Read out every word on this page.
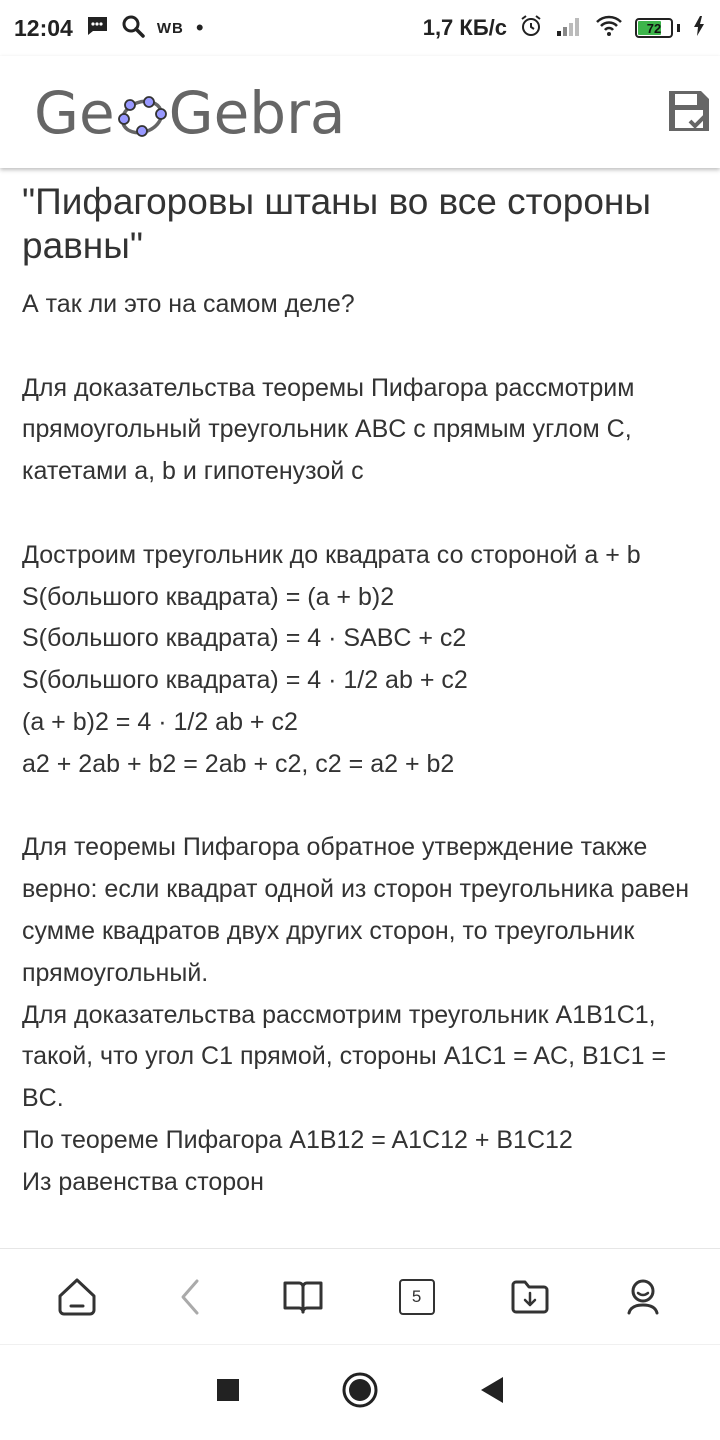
12:04	WB •	1,7 КБ/с	72
Ge Gebra
"Пифагоровы штаны во все стороны равны"

А так ли это на самом деле?

Для доказательства теоремы Пифагора рассмотрим прямоугольный треугольник ABC с прямым углом C, катетами a, b и гипотенузой c

Достроим треугольник до квадрата со стороной a + b

S(большого квадрата) = (a + b)2

S(большого квадрата) = 4 · SABC + c2

S(большого квадрата) = 4 · 1/2 ab + c2

(a + b)2 = 4 · 1/2 ab + c2

a2 + 2ab + b2 = 2ab + c2, c2 = a2 + b2

Для теоремы Пифагора обратное утверждение также верно: если квадрат одной из сторон треугольника равен сумме квадратов двух других сторон, то треугольник прямоугольный.

Для доказательства рассмотрим треугольник A1B1C1, такой, что угол C1 прямой, стороны A1C1 = AC, B1C1 = BC.

По теореме Пифагора A1B12 = A1C12 + B1C12

Из равенства сторон

5
